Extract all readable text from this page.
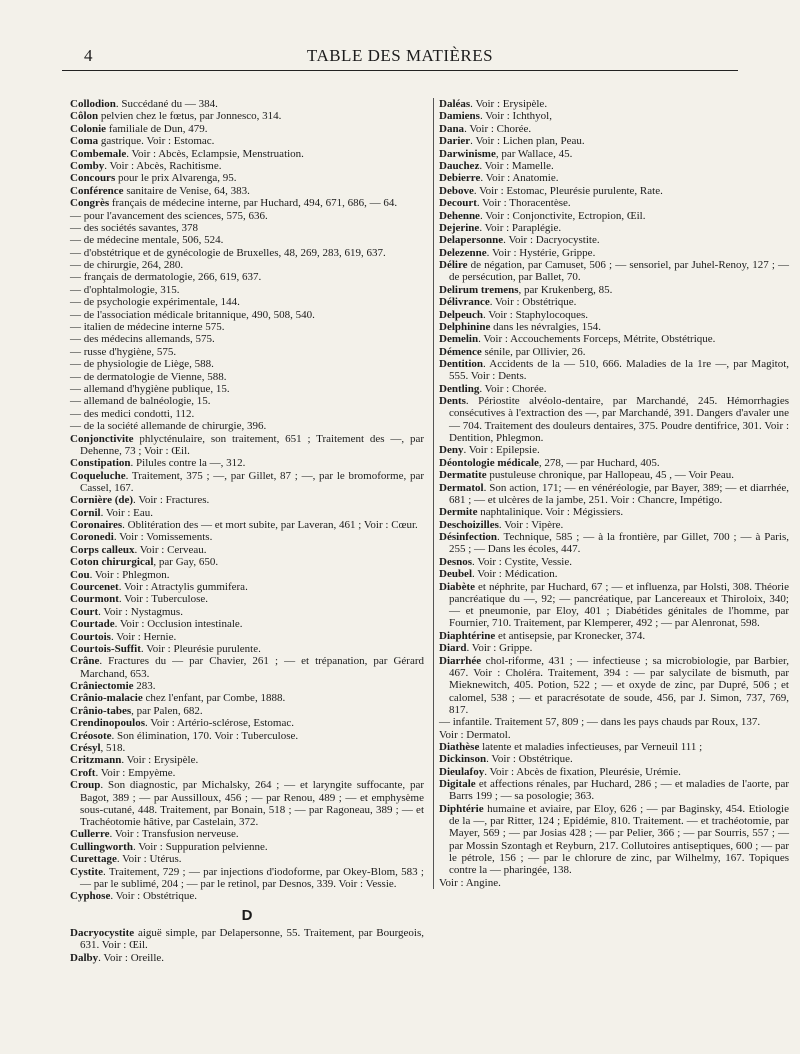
4	TABLE DES MATIÈRES
Collodion. Succédané du — 384.
Côlon pelvien chez le fœtus, par Jonnesco, 314.
Colonie familiale de Dun, 479.
Coma gastrique. Voir : Estomac.
Combemale. Voir : Abcès, Eclampsie, Menstruation.
Comby. Voir : Abcès, Rachitisme.
Concours pour le prix Alvarenga, 95.
Conférence sanitaire de Venise, 64, 383.
Congrès français de médecine interne, par Huchard, 494, 671, 686, — 64.
— pour l'avancement des sciences, 575, 636.
— des sociétés savantes, 378
— de médecine mentale, 506, 524.
— d'obstétrique et de gynécologie de Bruxelles, 48, 269, 283, 619, 637.
— de chirurgie, 264, 280.
— français de dermatologie, 266, 619, 637.
— d'ophtalmologie, 315.
— de psychologie expérimentale, 144.
— de l'association médicale britannique, 490, 508, 540.
— italien de médecine interne 575.
— des médecins allemands, 575.
— russe d'hygiène, 575.
— de physiologie de Liège, 588.
— de dermatologie de Vienne, 588.
— allemand d'hygiène publique, 15.
— allemand de balnéologie, 15.
— des medici condotti, 112.
— de la société allemande de chirurgie, 396.
Conjonctivite phlycténulaire, son traitement, 651 ; Traitement des —, par Dehenne, 73 ; Voir : Œil.
Constipation. Pilules contre la —, 312.
Coqueluche. Traitement, 375 ; —, par Gillet, 87 ; —, par le bromoforme, par Cassel, 167.
Cornière (de). Voir : Fractures.
Cornil. Voir : Eau.
Coronaires. Oblitération des — et mort subite, par Laveran, 461 ; Voir : Cœur.
Coronedi. Voir : Vomissements.
Corps calleux. Voir : Cerveau.
Coton chirurgical, par Gay, 650.
Cou. Voir : Phlegmon.
Courcenet. Voir : Atractylis gummifera.
Courmont. Voir : Tuberculose.
Court. Voir : Nystagmus.
Courtade. Voir : Occlusion intestinale.
Courtois. Voir : Hernie.
Courtois-Suffit. Voir : Pleurésie purulente.
Crâne. Fractures du — par Chavier, 261 ; — et trépanation, par Gérard Marchand, 653.
Crâniectomie 283.
Crânio-malacie chez l'enfant, par Combe, 1888.
Crânio-tabes, par Palen, 682.
Crendinopoulos. Voir : Artério-sclérose, Estomac.
Créosote. Son élimination, 170. Voir : Tuberculose.
Crésyl, 518.
Critzmann. Voir : Erysipèle.
Croft. Voir : Empyème.
Croup. Son diagnostic, par Michalsky, 264 ; — et laryngite suffocante, par Bagot, 389 ; — par Aussilloux, 456 ; — par Renou, 489 ; — et emphysème sous-cutané, 448. Traitement, par Bonain, 518 ; — par Ragoneau, 389 ; — et Trachéotomie hâtive, par Castelain, 372.
Cullerre. Voir : Transfusion nerveuse.
Cullingworth. Voir : Suppuration pelvienne.
Curettage. Voir : Utérus.
Cystite. Traitement, 729 ; — par injections d'iodoforme, par Okey-Blom, 583 ; — par le sublimé, 204 ; — par le retinol, par Desnos, 339. Voir : Vessie.
Cyphose. Voir : Obstétrique.
D
Dacryocystite aiguë simple, par Delapersonne, 55. Traitement, par Bourgeois, 631. Voir : Œil.
Dalby. Voir : Oreille.
Daléas. Voir : Erysipèle.
Damiens. Voir : Ichthyol,
Dana. Voir : Chorée.
Darier. Voir : Lichen plan, Peau.
Darwinisme, par Wallace, 45.
Dauchez. Voir : Mamelle.
Debierre. Voir : Anatomie.
Debove. Voir : Estomac, Pleurésie purulente, Rate.
Decourt. Voir : Thoracentèse.
Dehenne. Voir : Conjonctivite, Ectropion, Œil.
Dejerine. Voir : Paraplégie.
Delapersonne. Voir : Dacryocystite.
Delezenne. Voir : Hystérie, Grippe.
Délire de négation, par Camuset, 506 ; — sensoriel, par Juhel-Renoy, 127 ; — de persécution, par Ballet, 70.
Delirum tremens, par Krukenberg, 85.
Délivrance. Voir : Obstétrique.
Delpeuch. Voir : Staphylocoques.
Delphinine dans les névralgies, 154.
Demelin. Voir : Accouchements Forceps, Métrite, Obstétrique.
Démence sénile, par Ollivier, 26.
Dentition. Accidents de la — 510, 666. Maladies de la 1re —, par Magitot, 555. Voir : Dents.
Dentling. Voir : Chorée.
Dents. Périostite alvéolo-dentaire, par Marchandé, 245. Hémorrhagies consécutives à l'extraction des —, par Marchandé, 391. Dangers d'avaler une — 704. Traitement des douleurs dentaires, 375. Poudre dentifrice, 301. Voir : Dentition, Phlegmon.
Deny. Voir : Epilepsie.
Déontologie médicale, 278, — par Huchard, 405.
Dermatite pustuleuse chronique, par Hallopeau, 45 , — Voir Peau.
Dermatol. Son action, 171; — en vénéréologie, par Bayer, 389; — et diarrhée, 681 ; — et ulcères de la jambe, 251. Voir : Chancre, Impétigo.
Dermite naphtalinique. Voir : Mégissiers.
Deschoizilles. Voir : Vipère.
Désinfection. Technique, 585 ; — à la frontière, par Gillet, 700 ; — à Paris, 255 ; — Dans les écoles, 447.
Desnos. Voir : Cystite, Vessie.
Deubel. Voir : Médication.
Diabète et néphrite, par Huchard, 67 ; — et influenza, par Holsti, 308. Théorie pancréatique du —, 92; — pancréatique, par Lancereaux et Thiroloix, 340; — et pneumonie, par Eloy, 401 ; Diabétides génitales de l'homme, par Fournier, 710. Traitement, par Klemperer, 492 ; — par Alenronat, 598.
Diaphtérine et antisepsie, par Kronecker, 374.
Diard. Voir : Grippe.
Diarrhée chol-riforme, 431 ; — infectieuse ; sa microbiologie, par Barbier, 467. Voir : Choléra. Traitement, 394 : — par salycilate de bismuth, par Mieknewitch, 405. Potion, 522 ; — et oxyde de zinc, par Dupré, 506 ; et calomel, 538 ; — et paracrésotate de soude, 456, par J. Simon, 737, 769, 817.
— infantile. Traitement 57, 809 ; — dans les pays chauds par Roux, 137.
Voir : Dermatol.
Diathèse latente et maladies infectieuses, par Verneuil 111 ;
Dickinson. Voir : Obstétrique.
Dieulafoy. Voir : Abcès de fixation, Pleurésie, Urémie.
Digitale et affections rénales, par Huchard, 286 ; — et maladies de l'aorte, par Barrs 199 ; — sa posologie; 363.
Diphtérie humaine et aviaire, par Eloy, 626 ; — par Baginsky, 454. Etiologie de la —, par Ritter, 124 ; Epidémie, 810. Traitement. — et trachéotomie, par Mayer, 569 ; — par Josias 428 ; — par Pelier, 366 ; — par Sourris, 557 ; — par Mossin Szontagh et Reyburn, 217. Collutoires antiseptiques, 600 ; — par le pétrole, 156 ; — par le chlorure de zinc, par Wilhelmy, 167. Topiques contre la — pharingée, 138.
Voir : Angine.
